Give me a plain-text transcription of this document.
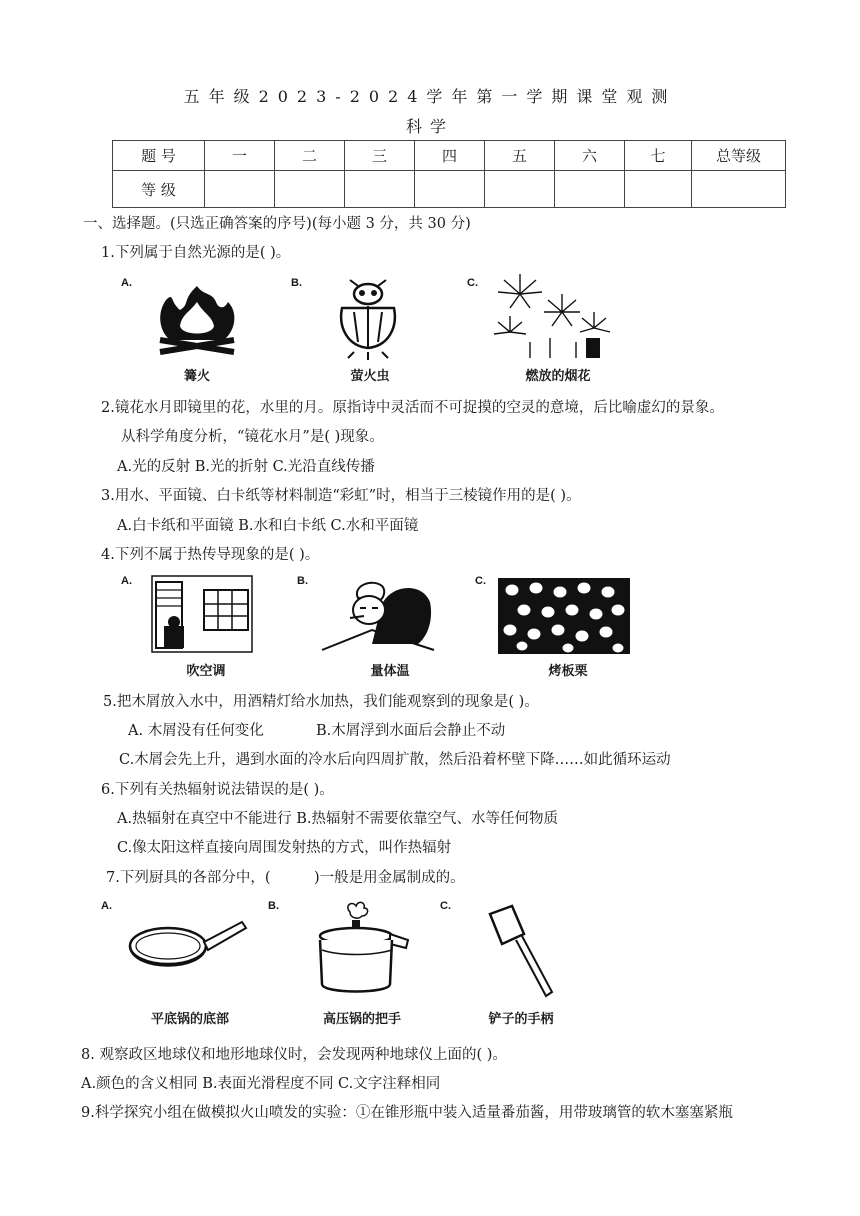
五年级2023-2024学年第一学期课堂观测
科学
题 号	一	二	三	四	五	六	七	总等级
等 级								
一、选择题。(只选正确答案的序号)(每小题 3 分，共 30 分)
1.下列属于自然光源的是( )。
A.	B.	C.
篝火	萤火虫	燃放的烟花
2.镜花水月即镜里的花，水里的月。原指诗中灵活而不可捉摸的空灵的意境，后比喻虚幻的景象。
从科学角度分析，“镜花水月”是( )现象。
A.光的反射 B.光的折射 C.光沿直线传播
3.用水、平面镜、白卡纸等材料制造“彩虹”时，相当于三棱镜作用的是( )。
A.白卡纸和平面镜 B.水和白卡纸 C.水和平面镜
4.下列不属于热传导现象的是( )。
A.	B.	C.
吹空调	量体温	烤板栗
5.把木屑放入水中，用酒精灯给水加热，我们能观察到的现象是( )。
A. 木屑没有任何变化	B.木屑浮到水面后会静止不动
C.木屑会先上升，遇到水面的冷水后向四周扩散，然后沿着杯壁下降……如此循环运动
6.下列有关热辐射说法错误的是( )。
A.热辐射在真空中不能进行 B.热辐射不需要依靠空气、水等任何物质
C.像太阳这样直接向周围发射热的方式，叫作热辐射
7.下列厨具的各部分中，(　　　)一般是用金属制成的。
A.	B.	C.
平底锅的底部	高压锅的把手	铲子的手柄
8. 观察政区地球仪和地形地球仪时，会发现两种地球仪上面的( )。
A.颜色的含义相同 B.表面光滑程度不同 C.文字注释相同
9.科学探究小组在做模拟火山喷发的实验：①在锥形瓶中装入适量番茄酱，用带玻璃管的软木塞塞紧瓶
